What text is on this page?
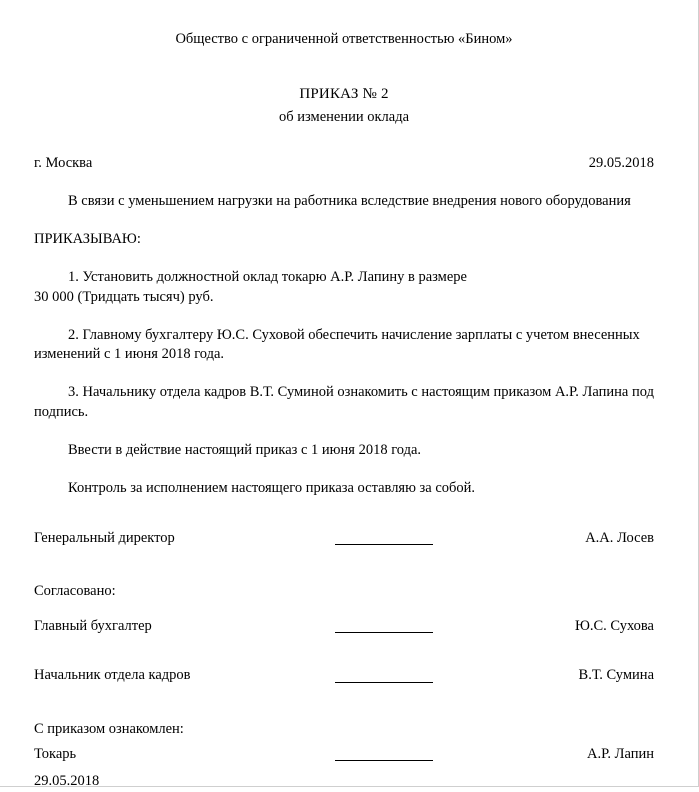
Общество с ограниченной ответственностью «Бином»
ПРИКАЗ № 2
об изменении оклада
г. Москва	29.05.2018
В связи с уменьшением нагрузки на работника вследствие внедрения нового оборудования
ПРИКАЗЫВАЮ:
1. Установить должностной оклад токарю А.Р. Лапину в размере
30 000 (Тридцать тысяч) руб.
2. Главному бухгалтеру Ю.С. Суховой обеспечить начисление зарплаты с учетом внесенных изменений с 1 июня 2018 года.
3. Начальнику отдела кадров В.Т. Суминой ознакомить с настоящим приказом А.Р. Лапина под подпись.
Ввести в действие настоящий приказ с 1 июня 2018 года.
Контроль за исполнением настоящего приказа оставляю за собой.
Генеральный директор	А.А. Лосев
Согласовано:
Главный бухгалтер	Ю.С. Сухова
Начальник отдела кадров	В.Т. Сумина
С приказом ознакомлен:
Токарь	А.Р. Лапин
29.05.2018
